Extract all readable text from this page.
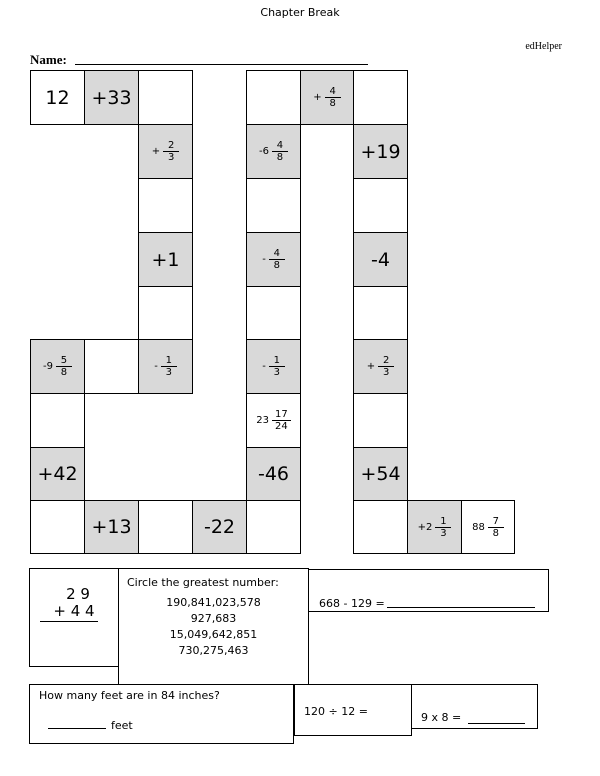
Chapter Break
edHelper
Name:
12 +33
+ $\frac{2}{3}$
+1
- $\frac{1}{3}$
$-9 \frac{5}{8}$
+42
+13	-22
-46
$23 \frac{17}{24}$
- $\frac{1}{3}$
- $\frac{4}{8}$
$-6 \frac{4}{8}$
+ $\frac{4}{8}$
+19
-4
+ $\frac{2}{3}$
+54
$+2 \frac{1}{3} 88 \frac{7}{8}$
2 9
+ 4 4
Circle the greatest number:
190,841,023,578
927,683
15,049,642,851
730,275,463
668 - 129 =
How many feet are in 84 inches?
feet
120 ÷ 12 =	9 x 8 =
